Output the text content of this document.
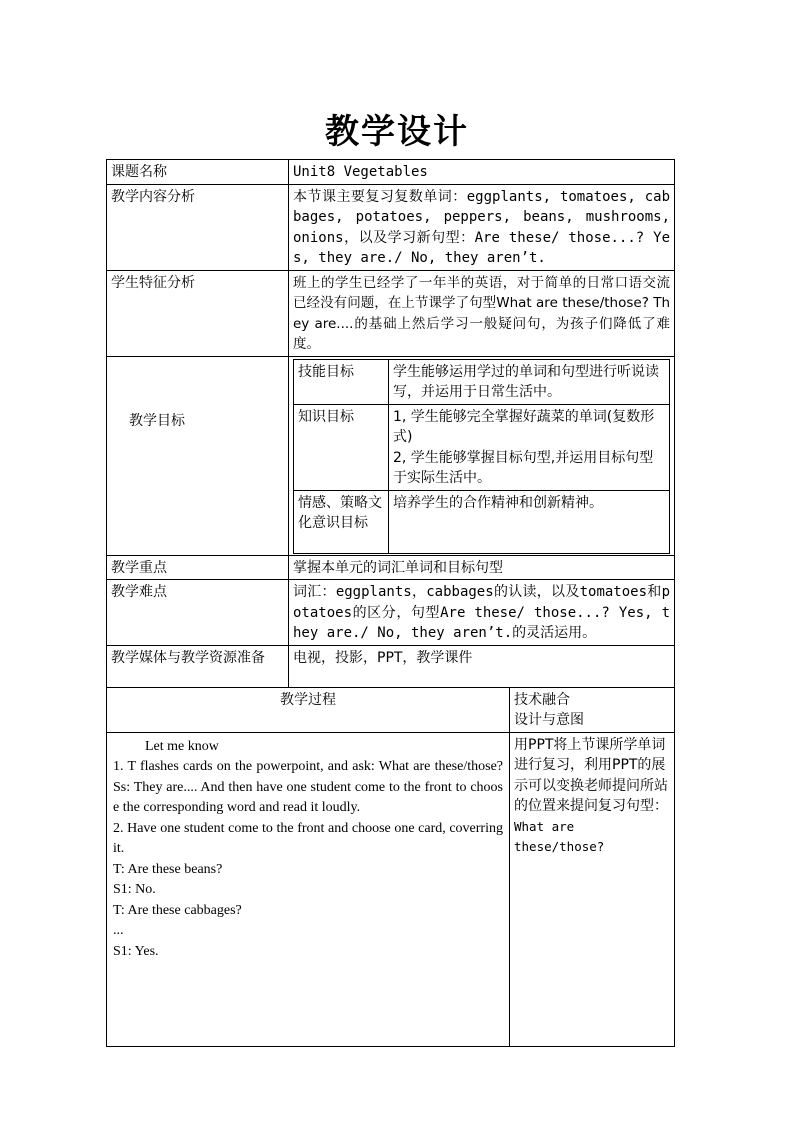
教学设计
课题名称	Unit8 Vegetables
教学内容分析	本节课主要复习复数单词：eggplants, tomatoes, cabbages, potatoes, peppers, beans, mushrooms, onions，以及学习新句型：Are these/ those...? Yes, they are./ No, they aren’t.
学生特征分析	班上的学生已经学了一年半的英语，对于简单的日常口语交流已经没有问题，在上节课学了句型What are these/those? They are....的基础上然后学习一般疑问句，为孩子们降低了难度。
教学目标	
技能目标	学生能够运用学过的单词和句型进行听说读写，并运用于日常生活中。
知识目标	1, 学生能够完全掌握好蔬菜的单词(复数形式)
2, 学生能够掌握目标句型,并运用目标句型于实际生活中。

情感、策略文化意识目标	培养学生的合作精神和创新精神。

教学重点	掌握本单元的词汇单词和目标句型
教学难点	词汇：eggplants，cabbages的认读，以及tomatoes和potatoes的区分，句型Are these/ those...? Yes, they are./ No, they aren’t.的灵活运用。
教学媒体与教学资源准备	电视，投影，PPT，教学课件
教学过程	技术融合
设计与意图

Let me know

1. T flashes cards on the powerpoint, and ask: What are these/those? Ss: They are.... And then have one student come to the front to choose the corresponding word and read it loudly.

2. Have one student come to the front and choose one card, coverring it.

T: Are these beans?

S1: No.

T: Are these cabbages?

...

S1: Yes.

用PPT将上节课所学单词进行复习，利用PPT的展示可以变换老师提问所站的位置来提问复习句型：
What are
these/those?
